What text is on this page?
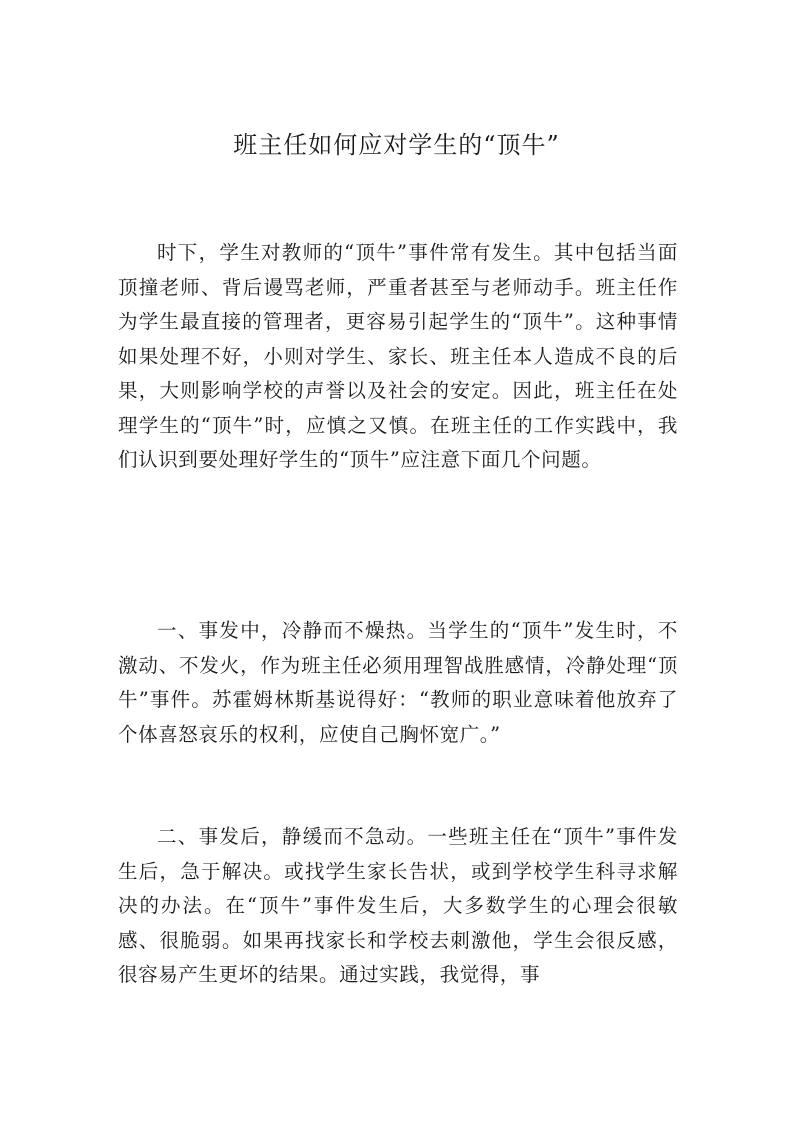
班主任如何应对学生的“顶牛”

时下，学生对教师的“顶牛”事件常有发生。其中包括当面顶撞老师、背后谩骂老师，严重者甚至与老师动手。班主任作为学生最直接的管理者，更容易引起学生的“顶牛”。这种事情如果处理不好，小则对学生、家长、班主任本人造成不良的后果，大则影响学校的声誉以及社会的安定。因此，班主任在处理学生的“顶牛”时，应慎之又慎。在班主任的工作实践中，我们认识到要处理好学生的“顶牛”应注意下面几个问题。

一、事发中，冷静而不燥热。当学生的“顶牛”发生时，不激动、不发火，作为班主任必须用理智战胜感情，冷静处理“顶牛”事件。苏霍姆林斯基说得好：“教师的职业意味着他放弃了个体喜怒哀乐的权利，应使自己胸怀宽广。”

二、事发后，静缓而不急动。一些班主任在“顶牛”事件发生后，急于解决。或找学生家长告状，或到学校学生科寻求解决的办法。在“顶牛”事件发生后，大多数学生的心理会很敏感、很脆弱。如果再找家长和学校去刺激他，学生会很反感，很容易产生更坏的结果。通过实践，我觉得，事
